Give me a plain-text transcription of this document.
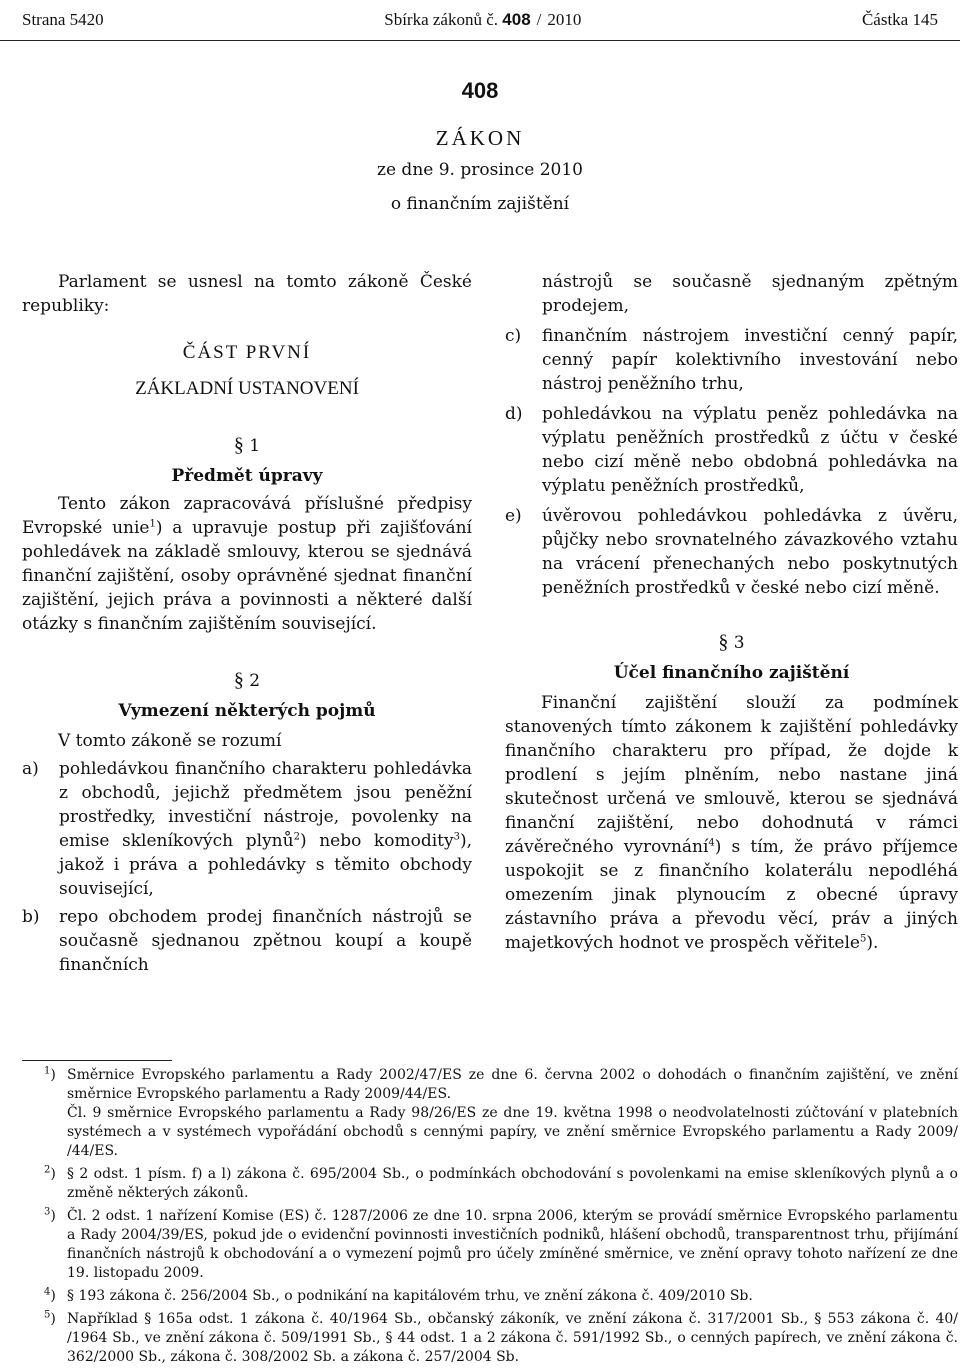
Strana 5420	Sbírka zákonů č. 408 / 2010	Částka 145
408
ZÁKON
ze dne 9. prosince 2010
o finančním zajištění

Parlament se usnesl na tomto zákoně České republiky:

ČÁST PRVNÍ

ZÁKLADNÍ USTANOVENÍ

§ 1

Předmět úpravy

Tento zákon zapracovává příslušné předpisy Evropské unie$^1$) a upravuje postup při zajišťování pohledávek na základě smlouvy, kterou se sjednává finanční zajištění, osoby oprávněné sjednat finanční zajištění, jejich práva a povinnosti a některé další otázky s finančním zajištěním související.

§ 2

Vymezení některých pojmů

V tomto zákoně se rozumí

a)	pohledávkou finančního charakteru pohledávka z obchodů, jejichž předmětem jsou peněžní prostředky, investiční nástroje, povolenky na emise skleníkových plynů$^2$) nebo komodity$^3$), jakož i práva a pohledávky s těmito obchody související,
b)	repo obchodem prodej finančních nástrojů se současně sjednanou zpětnou koupí a koupě finančních
nástrojů se současně sjednaným zpětným prodejem,
c)	finančním nástrojem investiční cenný papír, cenný papír kolektivního investování nebo nástroj peněžního trhu,
d)	pohledávkou na výplatu peněz pohledávka na výplatu peněžních prostředků z účtu v české nebo cizí měně nebo obdobná pohledávka na výplatu peněžních prostředků,
e)	úvěrovou pohledávkou pohledávka z úvěru, půjčky nebo srovnatelného závazkového vztahu na vrácení přenechaných nebo poskytnutých peněžních prostředků v české nebo cizí měně.

§ 3

Účel finančního zajištění

Finanční zajištění slouží za podmínek stanovených tímto zákonem k zajištění pohledávky finančního charakteru pro případ, že dojde k prodlení s jejím plněním, nebo nastane jiná skutečnost určená ve smlouvě, kterou se sjednává finanční zajištění, nebo dohodnutá v rámci závěrečného vyrovnání$^4$) s tím, že právo příjemce uspokojit se z finančního kolaterálu nepodléhá omezením jinak plynoucím z obecné úpravy zástavního práva a převodu věcí, práv a jiných majetkových hodnot ve prospěch věřitele$^5$).

$^1$) Směrnice Evropského parlamentu a Rady 2002/47/ES ze dne 6. června 2002 o dohodách o finančním zajištění, ve znění směrnice Evropského parlamentu a Rady 2009/44/ES.

Čl. 9 směrnice Evropského parlamentu a Rady 98/26/ES ze dne 19. května 1998 o neodvolatelnosti zúčtování v platebních systémech a v systémech vypořádání obchodů s cennými papíry, ve znění směrnice Evropského parlamentu a Rady 2009/ /44/ES.

$^2$) § 2 odst. 1 písm. f) a l) zákona č. 695/2004 Sb., o podmínkách obchodování s povolenkami na emise skleníkových plynů a o změně některých zákonů.

$^3$) Čl. 2 odst. 1 nařízení Komise (ES) č. 1287/2006 ze dne 10. srpna 2006, kterým se provádí směrnice Evropského parlamentu a Rady 2004/39/ES, pokud jde o evidenční povinnosti investičních podniků, hlášení obchodů, transparentnost trhu, přijímání finančních nástrojů k obchodování a o vymezení pojmů pro účely zmíněné směrnice, ve znění opravy tohoto nařízení ze dne 19. listopadu 2009.

$^4$) § 193 zákona č. 256/2004 Sb., o podnikání na kapitálovém trhu, ve znění zákona č. 409/2010 Sb.

$^5$) Například § 165a odst. 1 zákona č. 40/1964 Sb., občanský zákoník, ve znění zákona č. 317/2001 Sb., § 553 zákona č. 40/ /1964 Sb., ve znění zákona č. 509/1991 Sb., § 44 odst. 1 a 2 zákona č. 591/1992 Sb., o cenných papírech, ve znění zákona č. 362/2000 Sb., zákona č. 308/2002 Sb. a zákona č. 257/2004 Sb.
